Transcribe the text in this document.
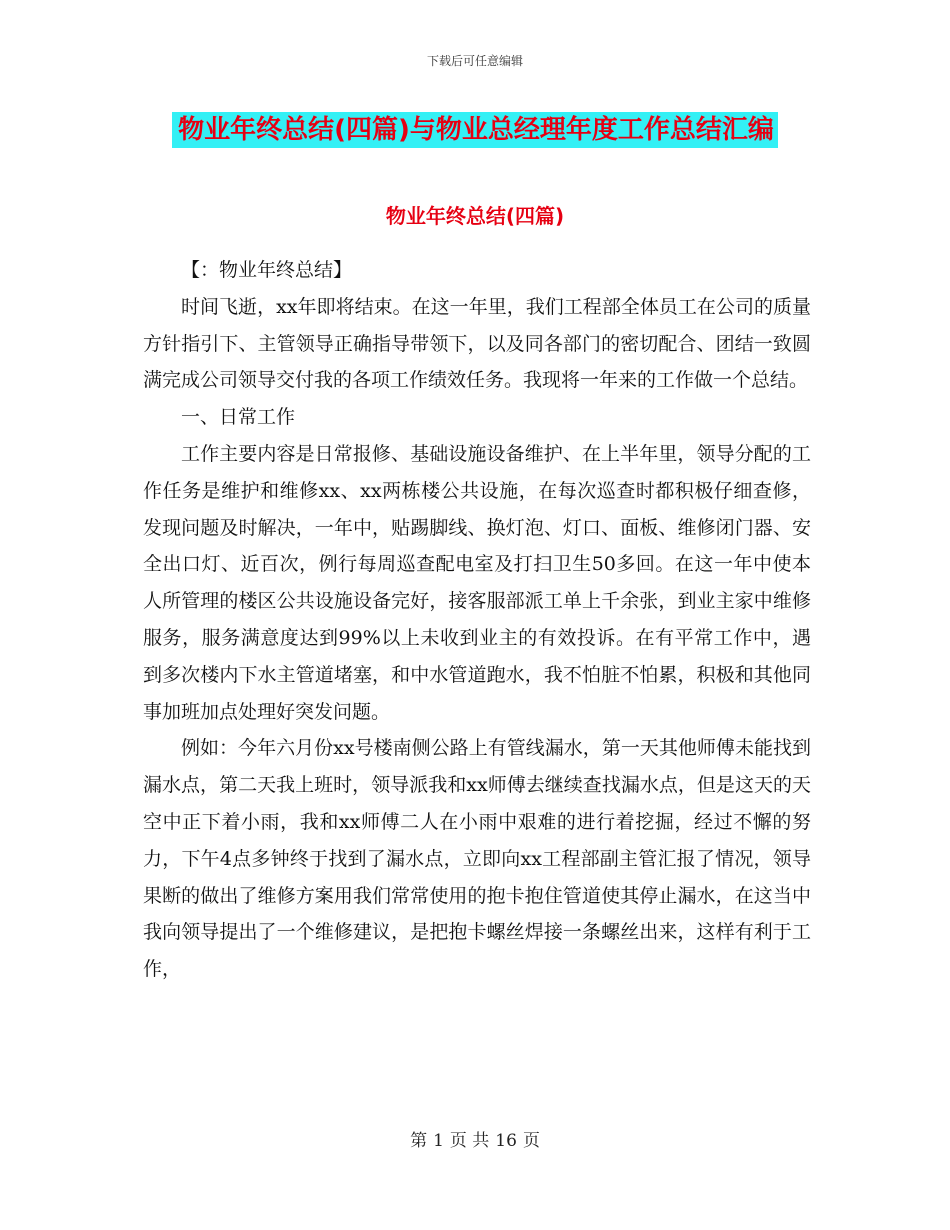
下载后可任意编辑
物业年终总结(四篇)与物业总经理年度工作总结汇编
物业年终总结(四篇)

【：物业年终总结】

时间飞逝，xx年即将结束。在这一年里，我们工程部全体员工在公司的质量方针指引下、主管领导正确指导带领下，以及同各部门的密切配合、团结一致圆满完成公司领导交付我的各项工作绩效任务。我现将一年来的工作做一个总结。

一、日常工作

工作主要内容是日常报修、基础设施设备维护、在上半年里，领导分配的工作任务是维护和维修xx、xx两栋楼公共设施，在每次巡查时都积极仔细查修，发现问题及时解决，一年中，贴踢脚线、换灯泡、灯口、面板、维修闭门器、安全出口灯、近百次，例行每周巡查配电室及打扫卫生50多回。在这一年中使本人所管理的楼区公共设施设备完好，接客服部派工单上千余张，到业主家中维修服务，服务满意度达到99%以上未收到业主的有效投诉。在有平常工作中，遇到多次楼内下水主管道堵塞，和中水管道跑水，我不怕脏不怕累，积极和其他同事加班加点处理好突发问题。

例如：今年六月份xx号楼南侧公路上有管线漏水，第一天其他师傅未能找到漏水点，第二天我上班时，领导派我和xx师傅去继续查找漏水点，但是这天的天空中正下着小雨，我和xx师傅二人在小雨中艰难的进行着挖掘，经过不懈的努力，下午4点多钟终于找到了漏水点，立即向xx工程部副主管汇报了情况，领导果断的做出了维修方案用我们常常使用的抱卡抱住管道使其停止漏水，在这当中我向领导提出了一个维修建议，是把抱卡螺丝焊接一条螺丝出来，这样有利于工作，

第 1 页 共 16 页
